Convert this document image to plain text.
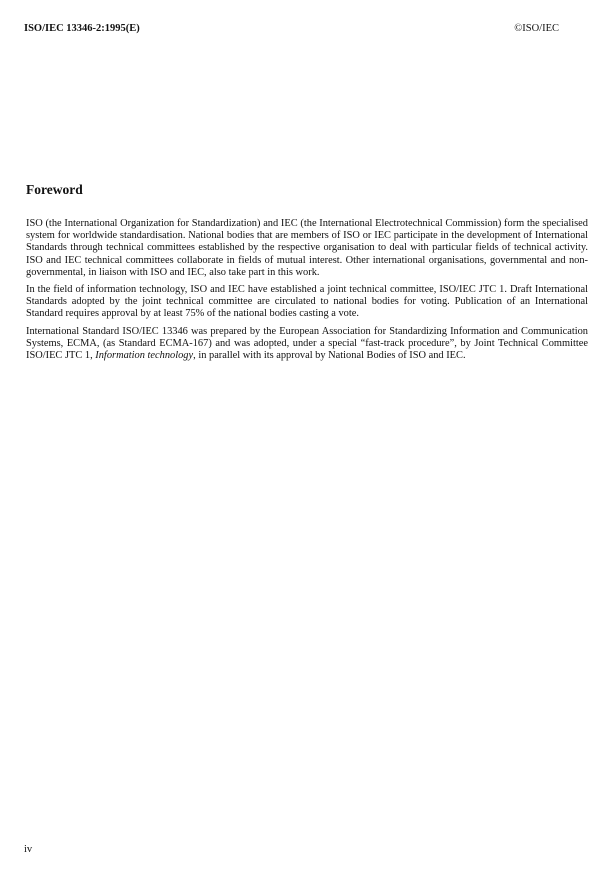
ISO/IEC 13346-2:1995(E)	©ISO/IEC
Foreword

ISO (the International Organization for Standardization) and IEC (the International Electrotechnical Commission) form the specialised system for worldwide standardisation. National bodies that are members of ISO or IEC participate in the development of International Standards through technical committees established by the respective organisation to deal with particular fields of technical activity. ISO and IEC technical committees collaborate in fields of mutual interest. Other international organisations, governmental and non-governmental, in liaison with ISO and IEC, also take part in this work.

In the field of information technology, ISO and IEC have established a joint technical committee, ISO/IEC JTC 1. Draft International Standards adopted by the joint technical committee are circulated to national bodies for voting. Publication of an International Standard requires approval by at least 75% of the national bodies casting a vote.

International Standard ISO/IEC 13346 was prepared by the European Association for Standardizing Information and Communication Systems, ECMA, (as Standard ECMA-167) and was adopted, under a special “fast-track procedure”, by Joint Technical Committee ISO/IEC JTC 1, Information technology, in parallel with its approval by National Bodies of ISO and IEC.

iv
